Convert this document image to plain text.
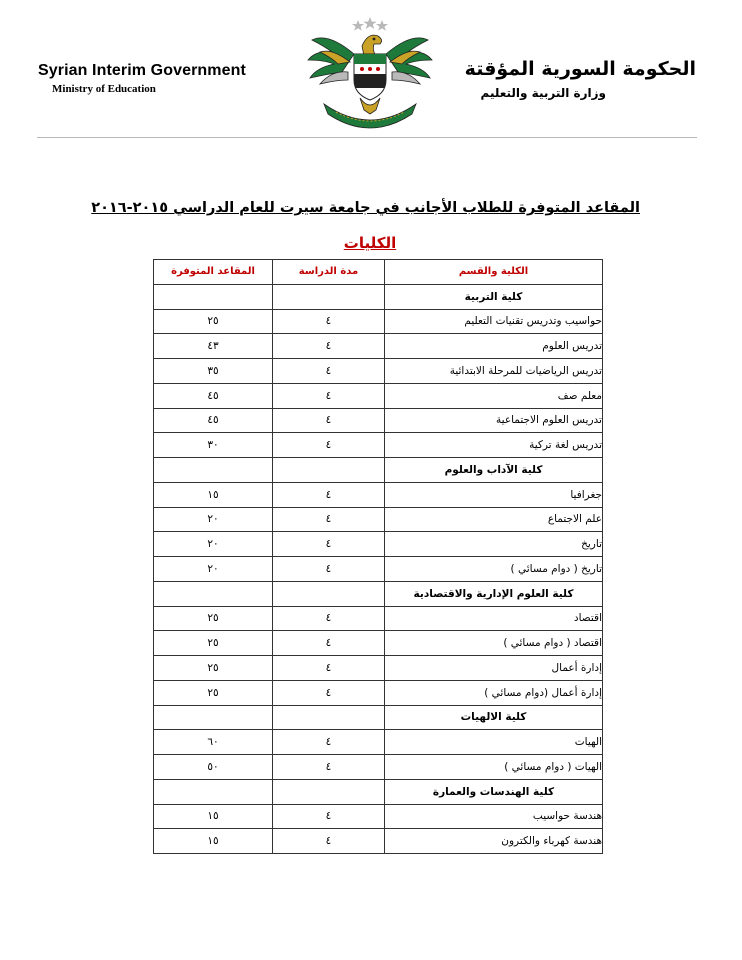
Syrian Interim Government
Ministry of Education
الحكومة السورية المؤقتة
وزارة التربية والتعليم
المقاعد المتوفرة للطلاب الأجانب في جامعة سيرت للعام الدراسي ٢٠١٥-٢٠١٦
الكليات
الكلية والقسم	مدة الدراسة	المقاعد المتوفرة
كلية التربية		
حواسيب وتدريس تقنيات التعليم	٤	٢٥
تدريس العلوم	٤	٤٣
تدريس الرياضيات للمرحلة الابتدائية	٤	٣٥
معلم صف	٤	٤٥
تدريس العلوم الاجتماعية	٤	٤٥
تدريس لغة تركية	٤	٣٠
كلية الآداب والعلوم		
جغرافيا	٤	١٥
علم الاجتماع	٤	٢٠
تاريخ	٤	٢٠
تاريخ ( دوام مسائي )	٤	٢٠
كلية العلوم الإدارية والاقتصادية		
اقتصاد	٤	٢٥
اقتصاد ( دوام مسائي )	٤	٢٥
إدارة أعمال	٤	٢٥
إدارة أعمال (دوام مسائي )	٤	٢٥
كلية الالهيات		
الهيات	٤	٦٠
الهيات ( دوام مسائي )	٤	٥٠
كلية الهندسات والعمارة		
هندسة حواسيب	٤	١٥
هندسة كهرباء والكترون	٤	١٥
